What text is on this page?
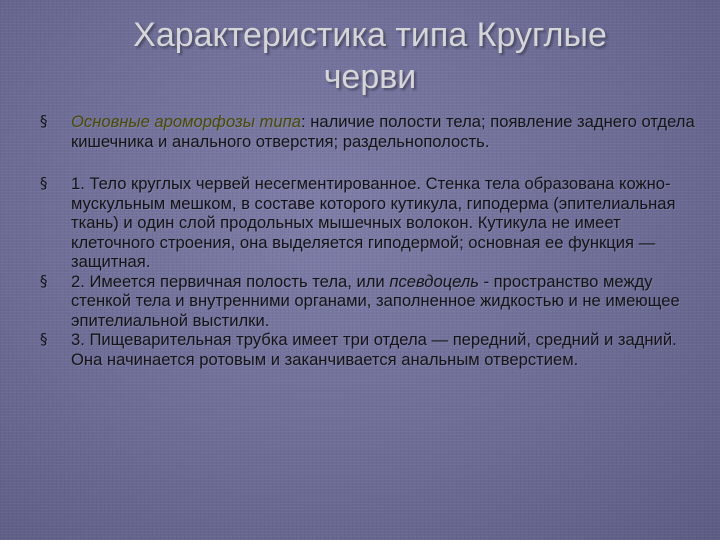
Характеристика типа Круглые
черви
§	Основные ароморфозы типа: наличие полости тела; появление заднего отдела кишечника и анального отверстия; раздельнополость.
§	1. Тело круглых червей несегментированное. Стенка тела образована кожно-мускульным мешком, в составе которого кутикула, гиподерма (эпителиальная ткань) и один слой продольных мышечных волокон. Кутикула не имеет клеточного строения, она выделяется гиподермой; основная ее функция — защитная.
§	2. Имеется первичная полость тела, или псевдоцель - пространство между стенкой тела и внутренними органами, заполненное жидкостью и не имеющее эпителиальной выстилки.
§	3. Пищеварительная трубка имеет три отдела — передний, средний и задний. Она начинается ротовым и заканчивается анальным отверстием.
